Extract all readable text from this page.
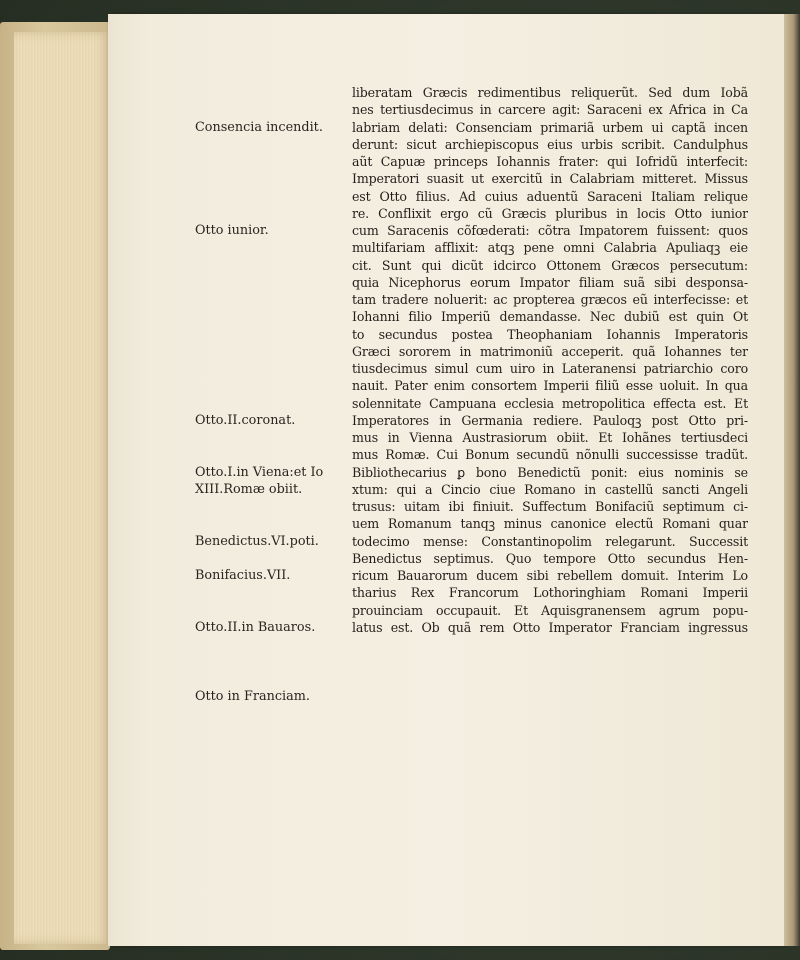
Consencia incendit.
Otto iunior.
Otto.II.coronat.
Otto.I.in Viena:et Io
XIII.Romæ obiit.
Benedictus.VI.poti.
Bonifacius.VII.
Otto.II.in Bauaros.
Otto in Franciam.
liberatam Græcis redimentibus reliquerũt. Sed dum Iobã
nes tertiusdecimus in carcere agit: Saraceni ex Africa in Ca
labriam delati: Consenciam primariã urbem ui captã incen
derunt: sicut archiepiscopus eius urbis scribit. Candulphus
aũt Capuæ princeps Iohannis frater: qui Iofridũ interfecit:
Imperatori suasit ut exercitũ in Calabriam mitteret. Missus
est Otto filius. Ad cuius aduentũ Saraceni Italiam relique
re. Conflixit ergo cũ Græcis pluribus in locis Otto iunior
cum Saracenis cõfœderati: cõtra Impatorem fuissent: quos
multifariam afflixit: atqꝫ pene omni Calabria Apuliaqꝫ eie
cit. Sunt qui dicũt idcirco Ottonem Græcos persecutum:
quia Nicephorus eorum Impator filiam suã sibi desponsa-
tam tradere noluerit: ac propterea græcos eũ interfecisse: et
Iohanni filio Imperiũ demandasse. Nec dubiũ est quin Ot
to secundus postea Theophaniam Iohannis Imperatoris
Græci sororem in matrimoniũ acceperit. quã Iohannes ter
tiusdecimus simul cum uiro in Lateranensi patriarchio coro
nauit. Pater enim consortem Imperii filiũ esse uoluit. In qua
solennitate Campuana ecclesia metropolitica effecta est. Et
Imperatores in Germania rediere. Pauloqꝫ post Otto pri-
mus in Vienna Austrasiorum obiit. Et Iohãnes tertiusdeci
mus Romæ. Cui Bonum secundũ nõnulli successisse tradũt.
Bibliothecarius ꝑ bono Benedictũ ponit: eius nominis se
xtum: qui a Cincio ciue Romano in castellũ sancti Angeli
trusus: uitam ibi finiuit. Suffectum Bonifaciũ septimum ci-
uem Romanum tanqꝫ minus canonice electũ Romani quar
todecimo mense: Constantinopolim relegarunt. Successit
Benedictus septimus. Quo tempore Otto secundus Hen-
ricum Bauarorum ducem sibi rebellem domuit. Interim Lo
tharius Rex Francorum Lothoringhiam Romani Imperii
prouinciam occupauit. Et Aquisgranensem agrum popu-
latus est. Ob quã rem Otto Imperator Franciam ingressus
